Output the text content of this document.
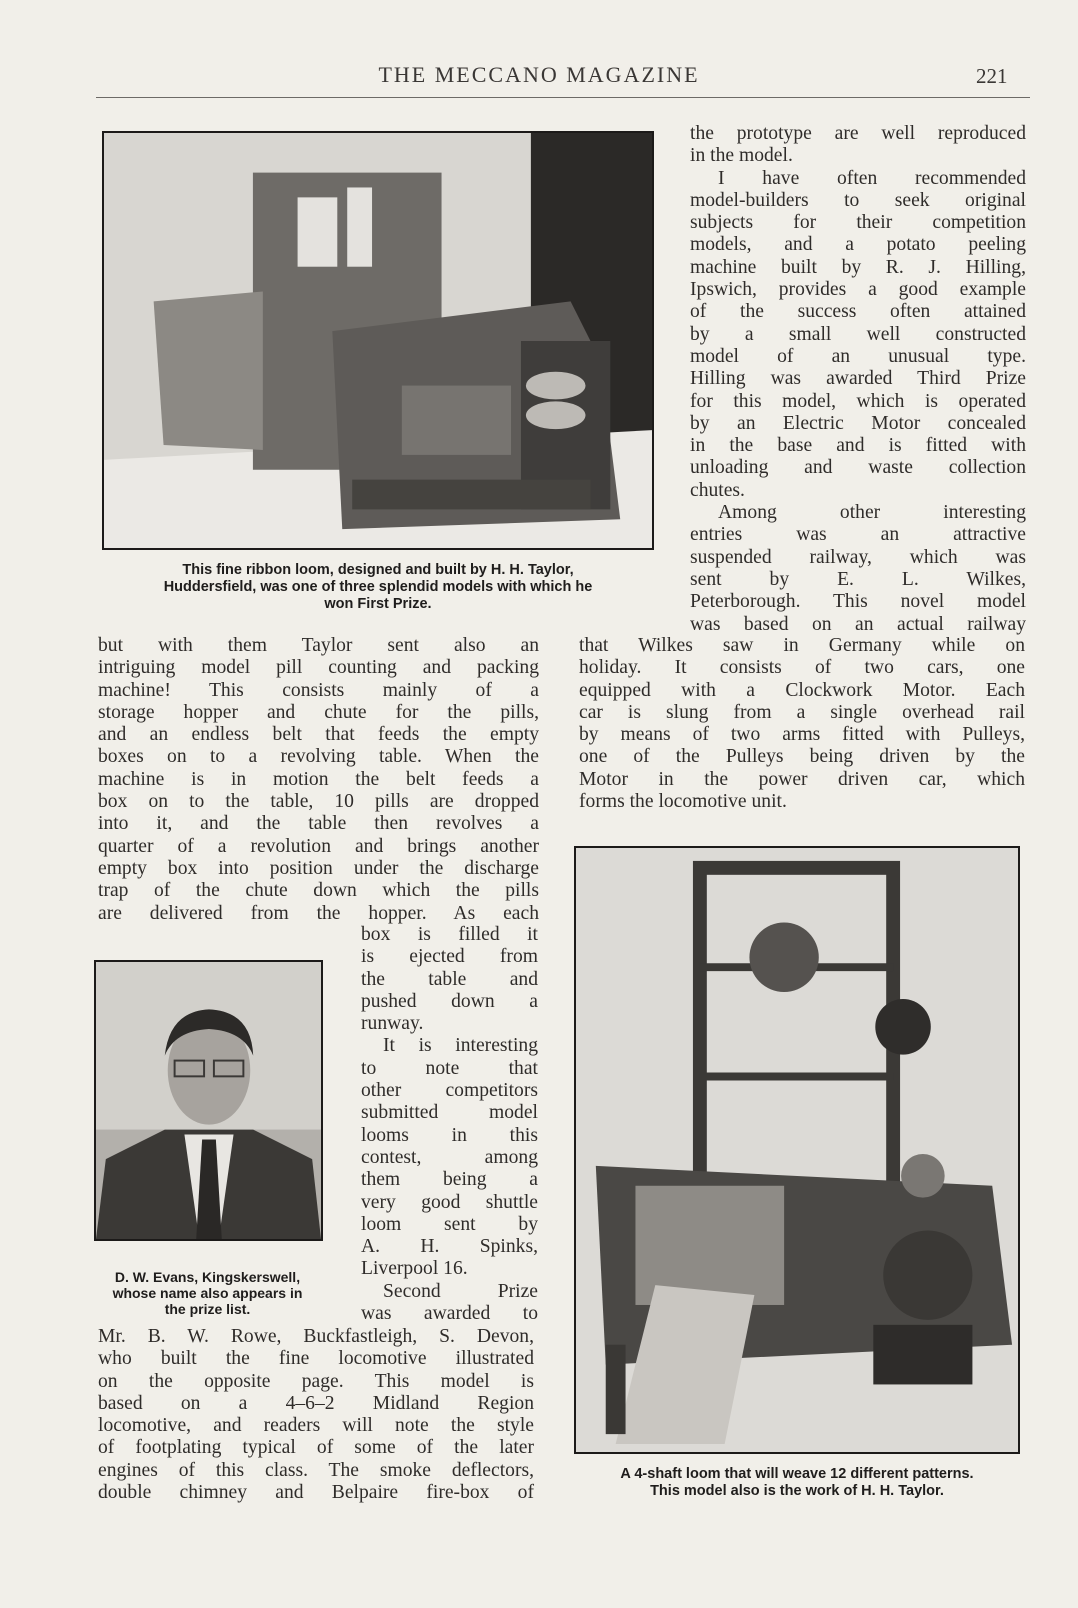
THE MECCANO MAGAZINE	221
This fine ribbon loom, designed and built by H. H. Taylor,
Huddersfield, was one of three splendid models with which he
won First Prize.
the prototype are well reproduced
in the model.
I have often recommended
model-builders to seek original
subjects for their competition
models, and a potato peeling
machine built by R. J. Hilling,
Ipswich, provides a good example
of the success often attained
by a small well constructed
model of an unusual type.
Hilling was awarded Third Prize
for this model, which is operated
by an Electric Motor concealed
in the base and is fitted with
unloading and waste collection
chutes.
Among other interesting
entries was an attractive
suspended railway, which was
sent by E. L. Wilkes,
Peterborough. This novel model
was based on an actual railway
that Wilkes saw in Germany while on
holiday. It consists of two cars, one
equipped with a Clockwork Motor. Each
car is slung from a single overhead rail
by means of two arms fitted with Pulleys,
one of the Pulleys being driven by the
Motor in the power driven car, which
forms the locomotive unit.
but with them Taylor sent also an
intriguing model pill counting and packing
machine! This consists mainly of a
storage hopper and chute for the pills,
and an endless belt that feeds the empty
boxes on to a revolving table. When the
machine is in motion the belt feeds a
box on to the table, 10 pills are dropped
into it, and the table then revolves a
quarter of a revolution and brings another
empty box into position under the discharge
trap of the chute down which the pills
are delivered from the hopper. As each
D. W. Evans, Kingskerswell,
whose name also appears in
the prize list.
box is filled it
is ejected from
the table and
pushed down a
runway.
It is interesting
to note that
other competitors
submitted model
looms in this
contest, among
them being a
very good shuttle
loom sent by
A. H. Spinks,
Liverpool 16.
Second Prize
was awarded to
Mr. B. W. Rowe, Buckfastleigh, S. Devon,
who built the fine locomotive illustrated
on the opposite page. This model is
based on a 4–6–2 Midland Region
locomotive, and readers will note the style
of footplating typical of some of the later
engines of this class. The smoke deflectors,
double chimney and Belpaire fire-box of
A 4-shaft loom that will weave 12 different patterns.
This model also is the work of H. H. Taylor.
